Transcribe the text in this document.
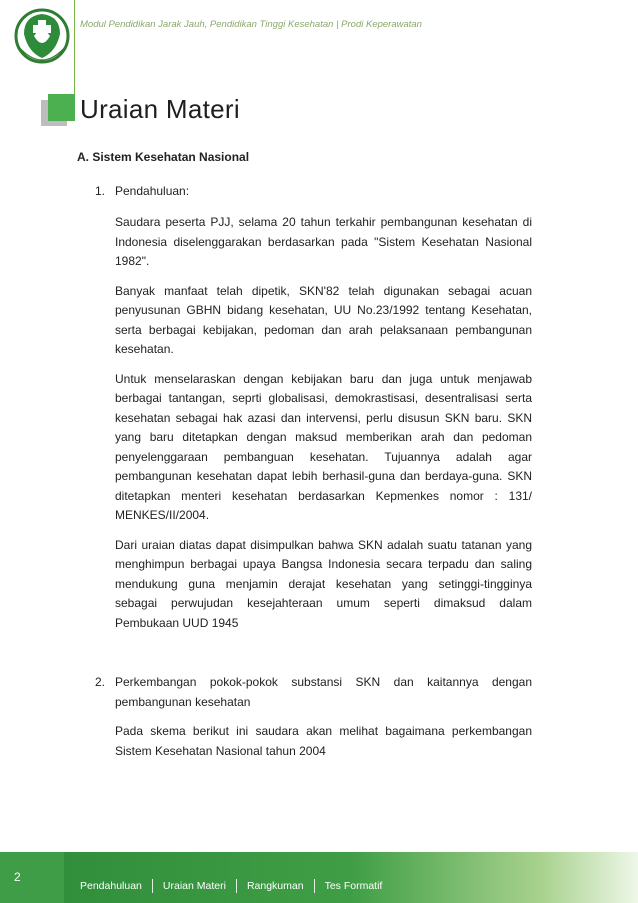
Modul Pendidikan Jarak Jauh, Pendidikan Tinggi Kesehatan | Prodi Keperawatan
Uraian Materi
A. Sistem Kesehatan Nasional
1. Pendahuluan:

Saudara peserta PJJ, selama 20 tahun terkahir pembangunan kesehatan di Indonesia diselenggarakan berdasarkan pada "Sistem Kesehatan Nasional 1982".

Banyak manfaat telah dipetik, SKN'82 telah digunakan sebagai acuan penyusunan GBHN bidang kesehatan, UU No.23/1992 tentang Kesehatan, serta berbagai kebijakan, pedoman dan arah pelaksanaan pembangunan kesehatan.

Untuk menselaraskan dengan kebijakan baru dan juga untuk menjawab berbagai tantangan, seprti globalisasi, demokrastisasi, desentralisasi serta kesehatan sebagai hak azasi dan intervensi, perlu disusun SKN baru. SKN yang baru ditetapkan dengan maksud memberikan arah dan pedoman penyelenggaraan pembanguan kesehatan. Tujuannya adalah agar pembangunan kesehatan dapat lebih berhasil-guna dan berdaya-guna. SKN ditetapkan menteri kesehatan berdasarkan Kepmenkes nomor : 131/ MENKES/II/2004.

Dari uraian diatas dapat disimpulkan bahwa SKN adalah suatu tatanan yang menghimpun berbagai upaya Bangsa Indonesia secara terpadu dan saling mendukung guna menjamin derajat kesehatan yang setinggi-tingginya sebagai perwujudan kesejahteraan umum seperti dimaksud dalam Pembukaan UUD 1945

2. Perkembangan pokok-pokok substansi SKN dan kaitannya dengan pembangunan kesehatan

Pada skema berikut ini saudara akan melihat bagaimana perkembangan Sistem Kesehatan Nasional tahun 2004

2
Pendahuluan	Uraian Materi	Rangkuman	Tes Formatif
